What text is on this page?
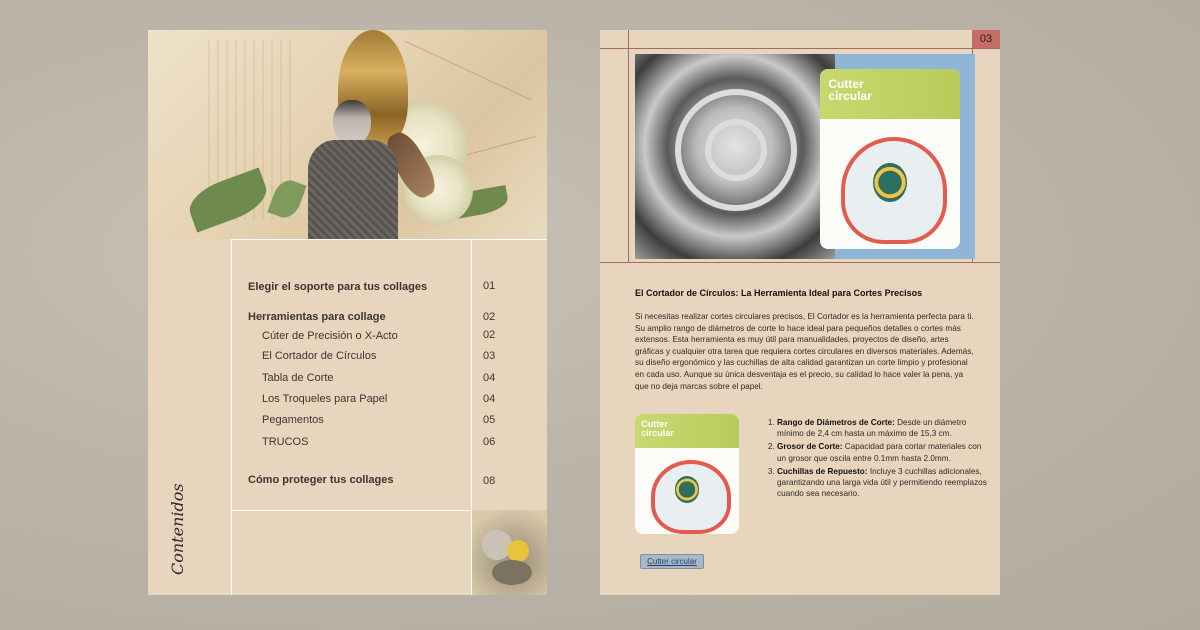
Elegir el soporte para tus collages	01
Herramientas para collage	02
Cúter de Precisión o X-Acto	02
El Cortador de Círculos	03
Tabla de Corte	04
Los Troqueles para Papel	04
Pegamentos	05
TRUCOS	06
Cómo proteger tus collages	08
Contenidos
03
Cutter
circular
El Cortador de Círculos: La Herramienta Ideal para Cortes Precisos

Si necesitas realizar cortes circulares precisos, El Cortador es la herramienta perfecta para ti. Su amplio rango de diámetros de corte lo hace ideal para pequeños detalles o cortes más extensos. Esta herramienta es muy útil para manualidades, proyectos de diseño, artes gráficas y cualquier otra tarea que requiera cortes circulares en diversos materiales. Además, su diseño ergonómico y las cuchillas de alta calidad garantizan un corte limpio y profesional en cada uso. Aunque su única desventaja es el precio, su calidad lo hace valer la pena, ya que no deja marcas sobre el papel.

Cutter
circular
1. Rango de Diámetros de Corte: Desde un diámetro mínimo de 2,4 cm hasta un máximo de 15,3 cm.
2. Grosor de Corte: Capacidad para cortar materiales con un grosor que oscila entre 0.1mm hasta 2.0mm.
3. Cuchillas de Repuesto: Incluye 3 cuchillas adicionales, garantizando una larga vida útil y permitiendo reemplazos cuando sea necesario.
Cutter circular
